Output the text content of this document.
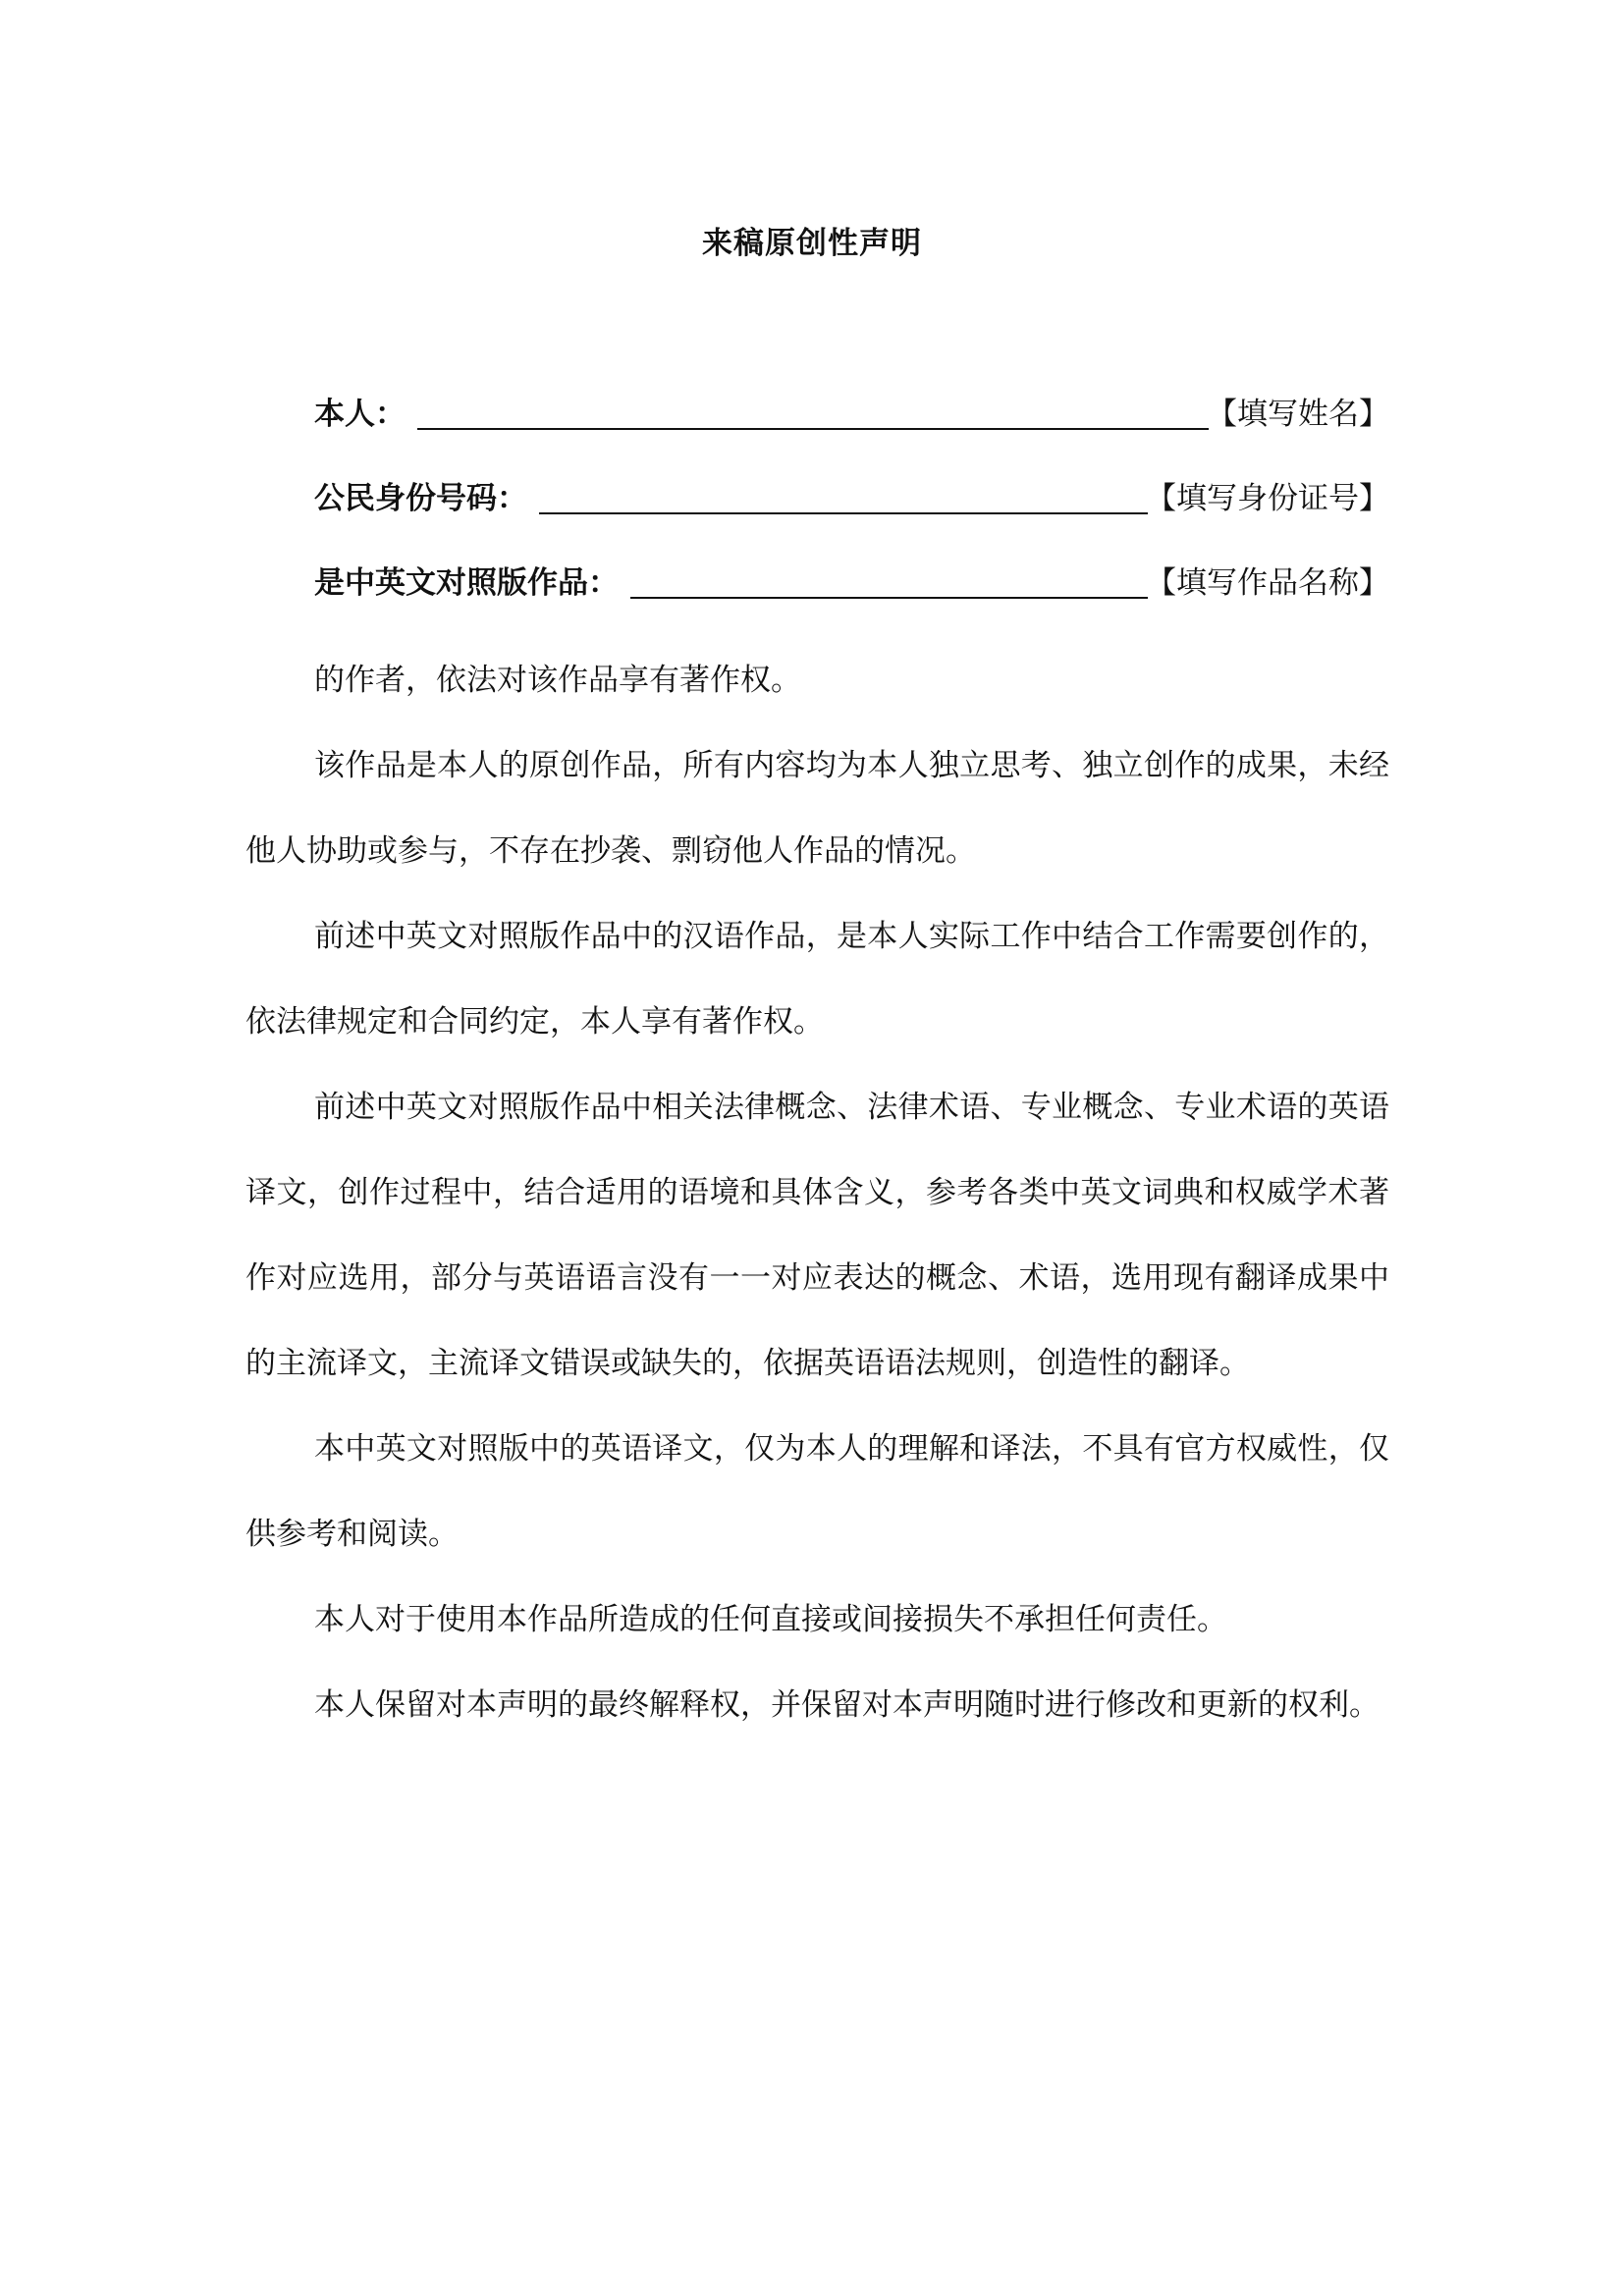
来稿原创性声明
本人：	【填写姓名】
公民身份号码：	【填写身份证号】
是中英文对照版作品：	【填写作品名称】

的作者，依法对该作品享有著作权。

该作品是本人的原创作品，所有内容均为本人独立思考、独立创作的成果，未经他人协助或参与，不存在抄袭、剽窃他人作品的情况。

前述中英文对照版作品中的汉语作品，是本人实际工作中结合工作需要创作的，依法律规定和合同约定，本人享有著作权。

前述中英文对照版作品中相关法律概念、法律术语、专业概念、专业术语的英语译文，创作过程中，结合适用的语境和具体含义，参考各类中英文词典和权威学术著作对应选用，部分与英语语言没有一一对应表达的概念、术语，选用现有翻译成果中的主流译文，主流译文错误或缺失的，依据英语语法规则，创造性的翻译。

本中英文对照版中的英语译文，仅为本人的理解和译法，不具有官方权威性，仅供参考和阅读。

本人对于使用本作品所造成的任何直接或间接损失不承担任何责任。

本人保留对本声明的最终解释权，并保留对本声明随时进行修改和更新的权利。
